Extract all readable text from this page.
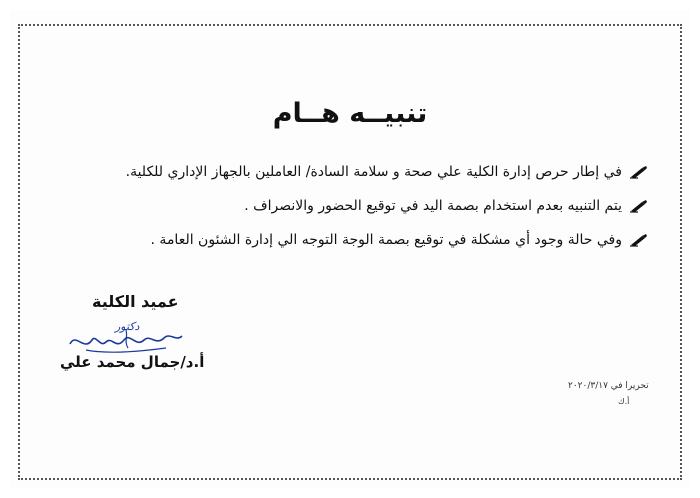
تنبيــه هــام
في إطار حرص إدارة الكلية علي صحة و سلامة السادة/ العاملين بالجهاز الإداري للكلية.
يتم التنبيه بعدم استخدام بصمة اليد في توقيع الحضور والانصراف .
وفي حالة وجود أي مشكلة في توقيع بصمة الوجة التوجه الي إدارة الشئون العامة .
عميد الكلية
دكتور
أ.د/جمال محمد علي
تحريرا في ٢٠٢٠/٣/١٧
أ.ك
